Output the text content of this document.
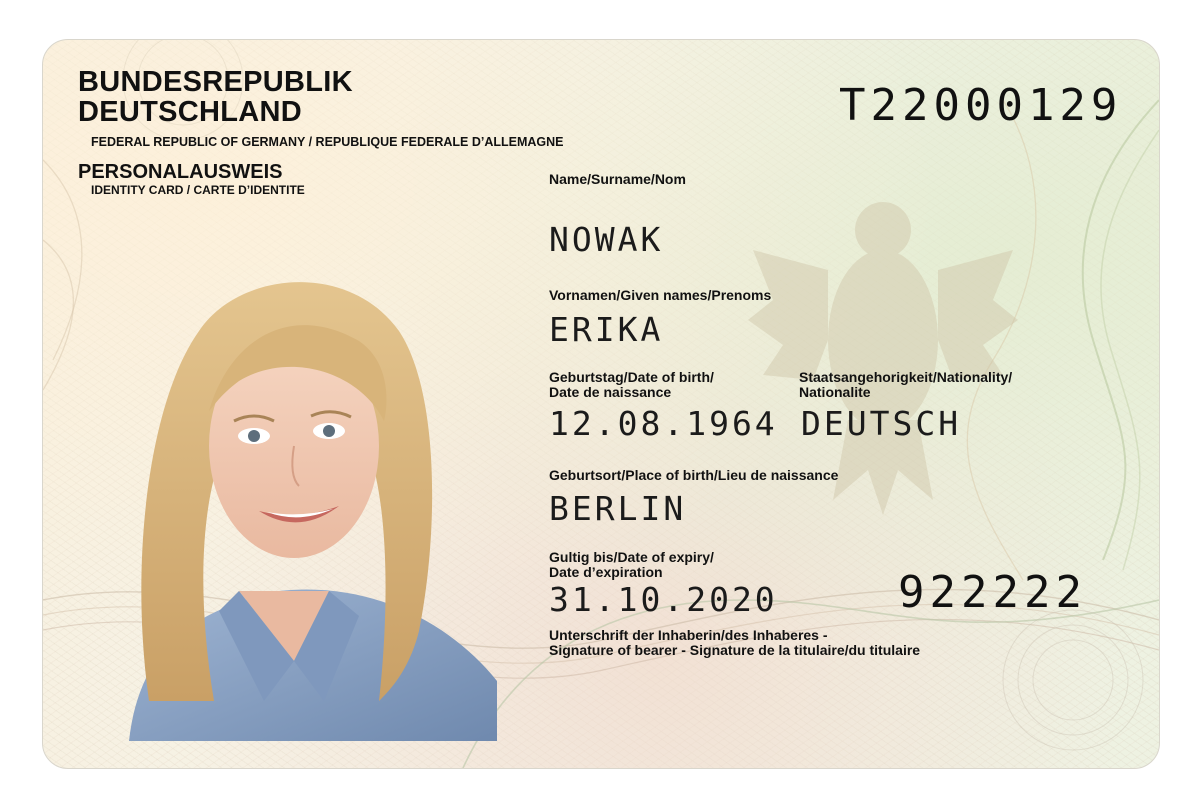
BUNDESREPUBLIK
DEUTSCHLAND
FEDERAL REPUBLIC OF GERMANY / REPUBLIQUE FEDERALE D’ALLEMAGNE
PERSONALAUSWEIS
IDENTITY CARD / CARTE D’IDENTITE
T22000129
Name/Surname/Nom
NOWAK
Vornamen/Given names/Prenoms
ERIKA
Geburtstag/Date of birth/
Date de naissance
12.08.1964
Staatsangehorigkeit/Nationality/
Nationalite
DEUTSCH
Geburtsort/Place of birth/Lieu de naissance
BERLIN
Gultig bis/Date of expiry/
Date d’expiration
31.10.2020	922222
Unterschrift der Inhaberin/des Inhaberes -
Signature of bearer - Signature de la titulaire/du titulaire
